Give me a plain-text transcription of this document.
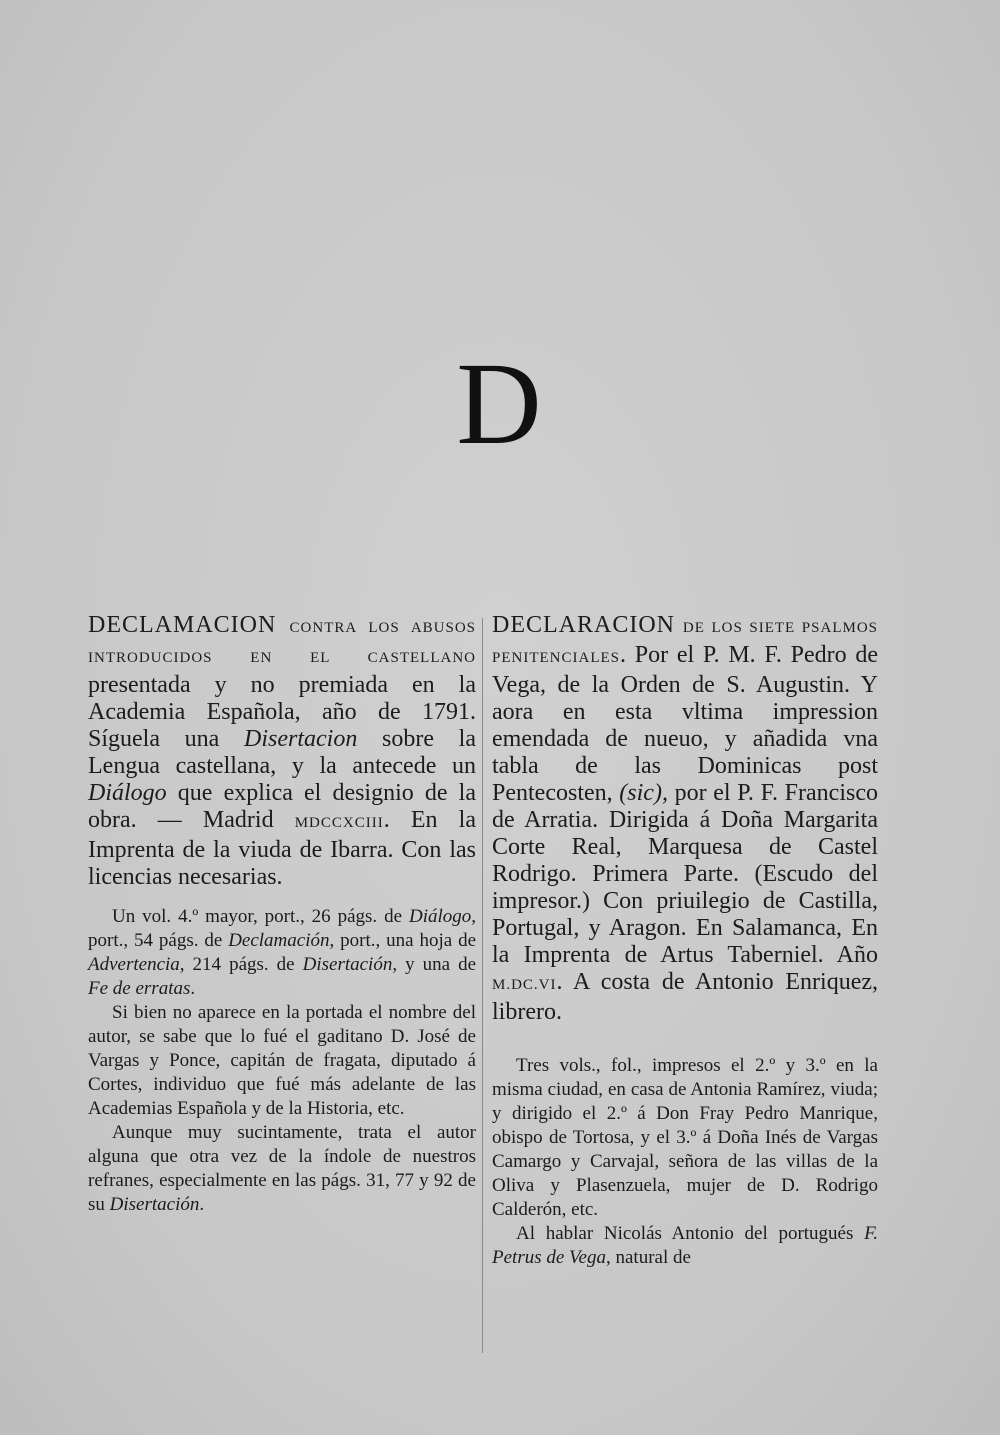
D

DECLAMACION CONTRA LOS ABUSOS INTRODUCIDOS EN EL CASTELLANO presentada y no premiada en la Academia Española, año de 1791. Síguela una Disertacion sobre la Lengua castellana, y la antecede un Diálogo que explica el designio de la obra. — Madrid MDCCXCIII. En la Imprenta de la viuda de Ibarra. Con las licencias necesarias.

Un vol. 4.º mayor, port., 26 págs. de Diálogo, port., 54 págs. de Declamación, port., una hoja de Advertencia, 214 págs. de Disertación, y una de Fe de erratas.

Si bien no aparece en la portada el nombre del autor, se sabe que lo fué el gaditano D. José de Vargas y Ponce, capitán de fragata, diputado á Cortes, individuo que fué más adelante de las Academias Española y de la Historia, etc.

Aunque muy sucintamente, trata el autor alguna que otra vez de la índole de nuestros refranes, especialmente en las págs. 31, 77 y 92 de su Disertación.

DECLARACION DE LOS SIETE PSALMOS PENITENCIALES. Por el P. M. F. Pedro de Vega, de la Orden de S. Augustin. Y aora en esta vltima impression emendada de nueuo, y añadida vna tabla de las Dominicas post Pentecosten, (sic), por el P. F. Francisco de Arratia. Dirigida á Doña Margarita Corte Real, Marquesa de Castel Rodrigo. Primera Parte. (Escudo del impresor.) Con priuilegio de Castilla, Portugal, y Aragon. En Salamanca, En la Imprenta de Artus Taberniel. Año M.DC.VI. A costa de Antonio Enriquez, librero.

Tres vols., fol., impresos el 2.º y 3.º en la misma ciudad, en casa de Antonia Ramírez, viuda; y dirigido el 2.º á Don Fray Pedro Manrique, obispo de Tortosa, y el 3.º á Doña Inés de Vargas Camargo y Carvajal, señora de las villas de la Oliva y Plasenzuela, mujer de D. Rodrigo Calderón, etc.

Al hablar Nicolás Antonio del portugués F. Petrus de Vega, natural de
